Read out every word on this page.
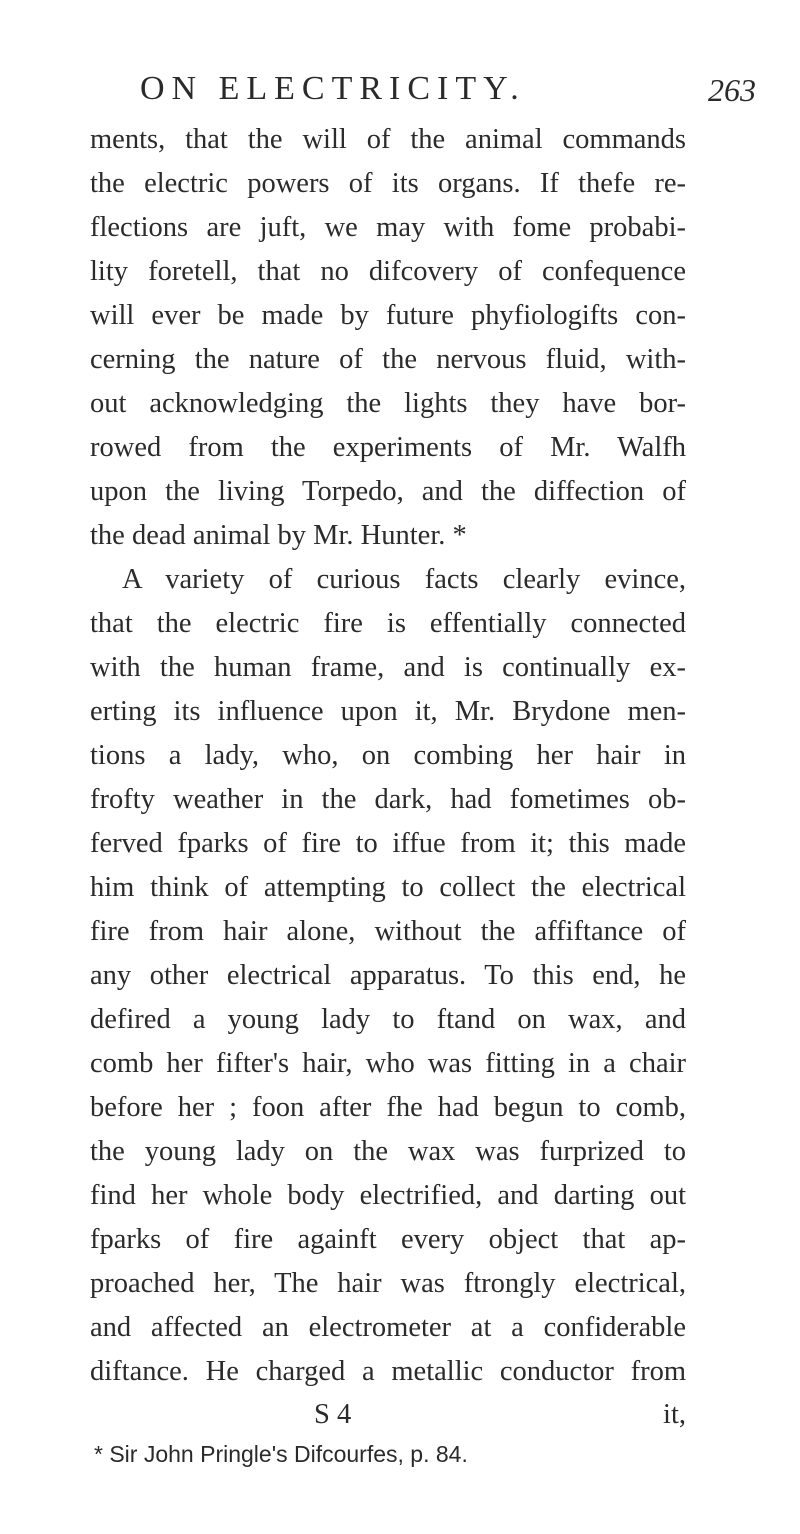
ON ELECTRICITY.	263
ments, that the will of the animal commands
the electric powers of its organs. If thefe re-
flections are juft, we may with fome probabi-
lity foretell, that no difcovery of confequence
will ever be made by future phyfiologifts con-
cerning the nature of the nervous fluid, with-
out acknowledging the lights they have bor-
rowed from the experiments of Mr. Walfh
upon the living Torpedo, and the diffection of
the dead animal by Mr. Hunter. *
A variety of curious facts clearly evince,
that the electric fire is effentially connected
with the human frame, and is continually ex-
erting its influence upon it, Mr. Brydone men-
tions a lady, who, on combing her hair in
frofty weather in the dark, had fometimes ob-
ferved fparks of fire to iffue from it; this made
him think of attempting to collect the electrical
fire from hair alone, without the affiftance of
any other electrical apparatus. To this end, he
defired a young lady to ftand on wax, and
comb her fifter's hair, who was fitting in a chair
before her ; foon after fhe had begun to comb,
the young lady on the wax was furprized to
find her whole body electrified, and darting out
fparks of fire againft every object that ap-
proached her, The hair was ftrongly electrical,
and affected an electrometer at a confiderable
diftance. He charged a metallic conductor from
S 4	it,
* Sir John Pringle's Difcourfes, p. 84.
